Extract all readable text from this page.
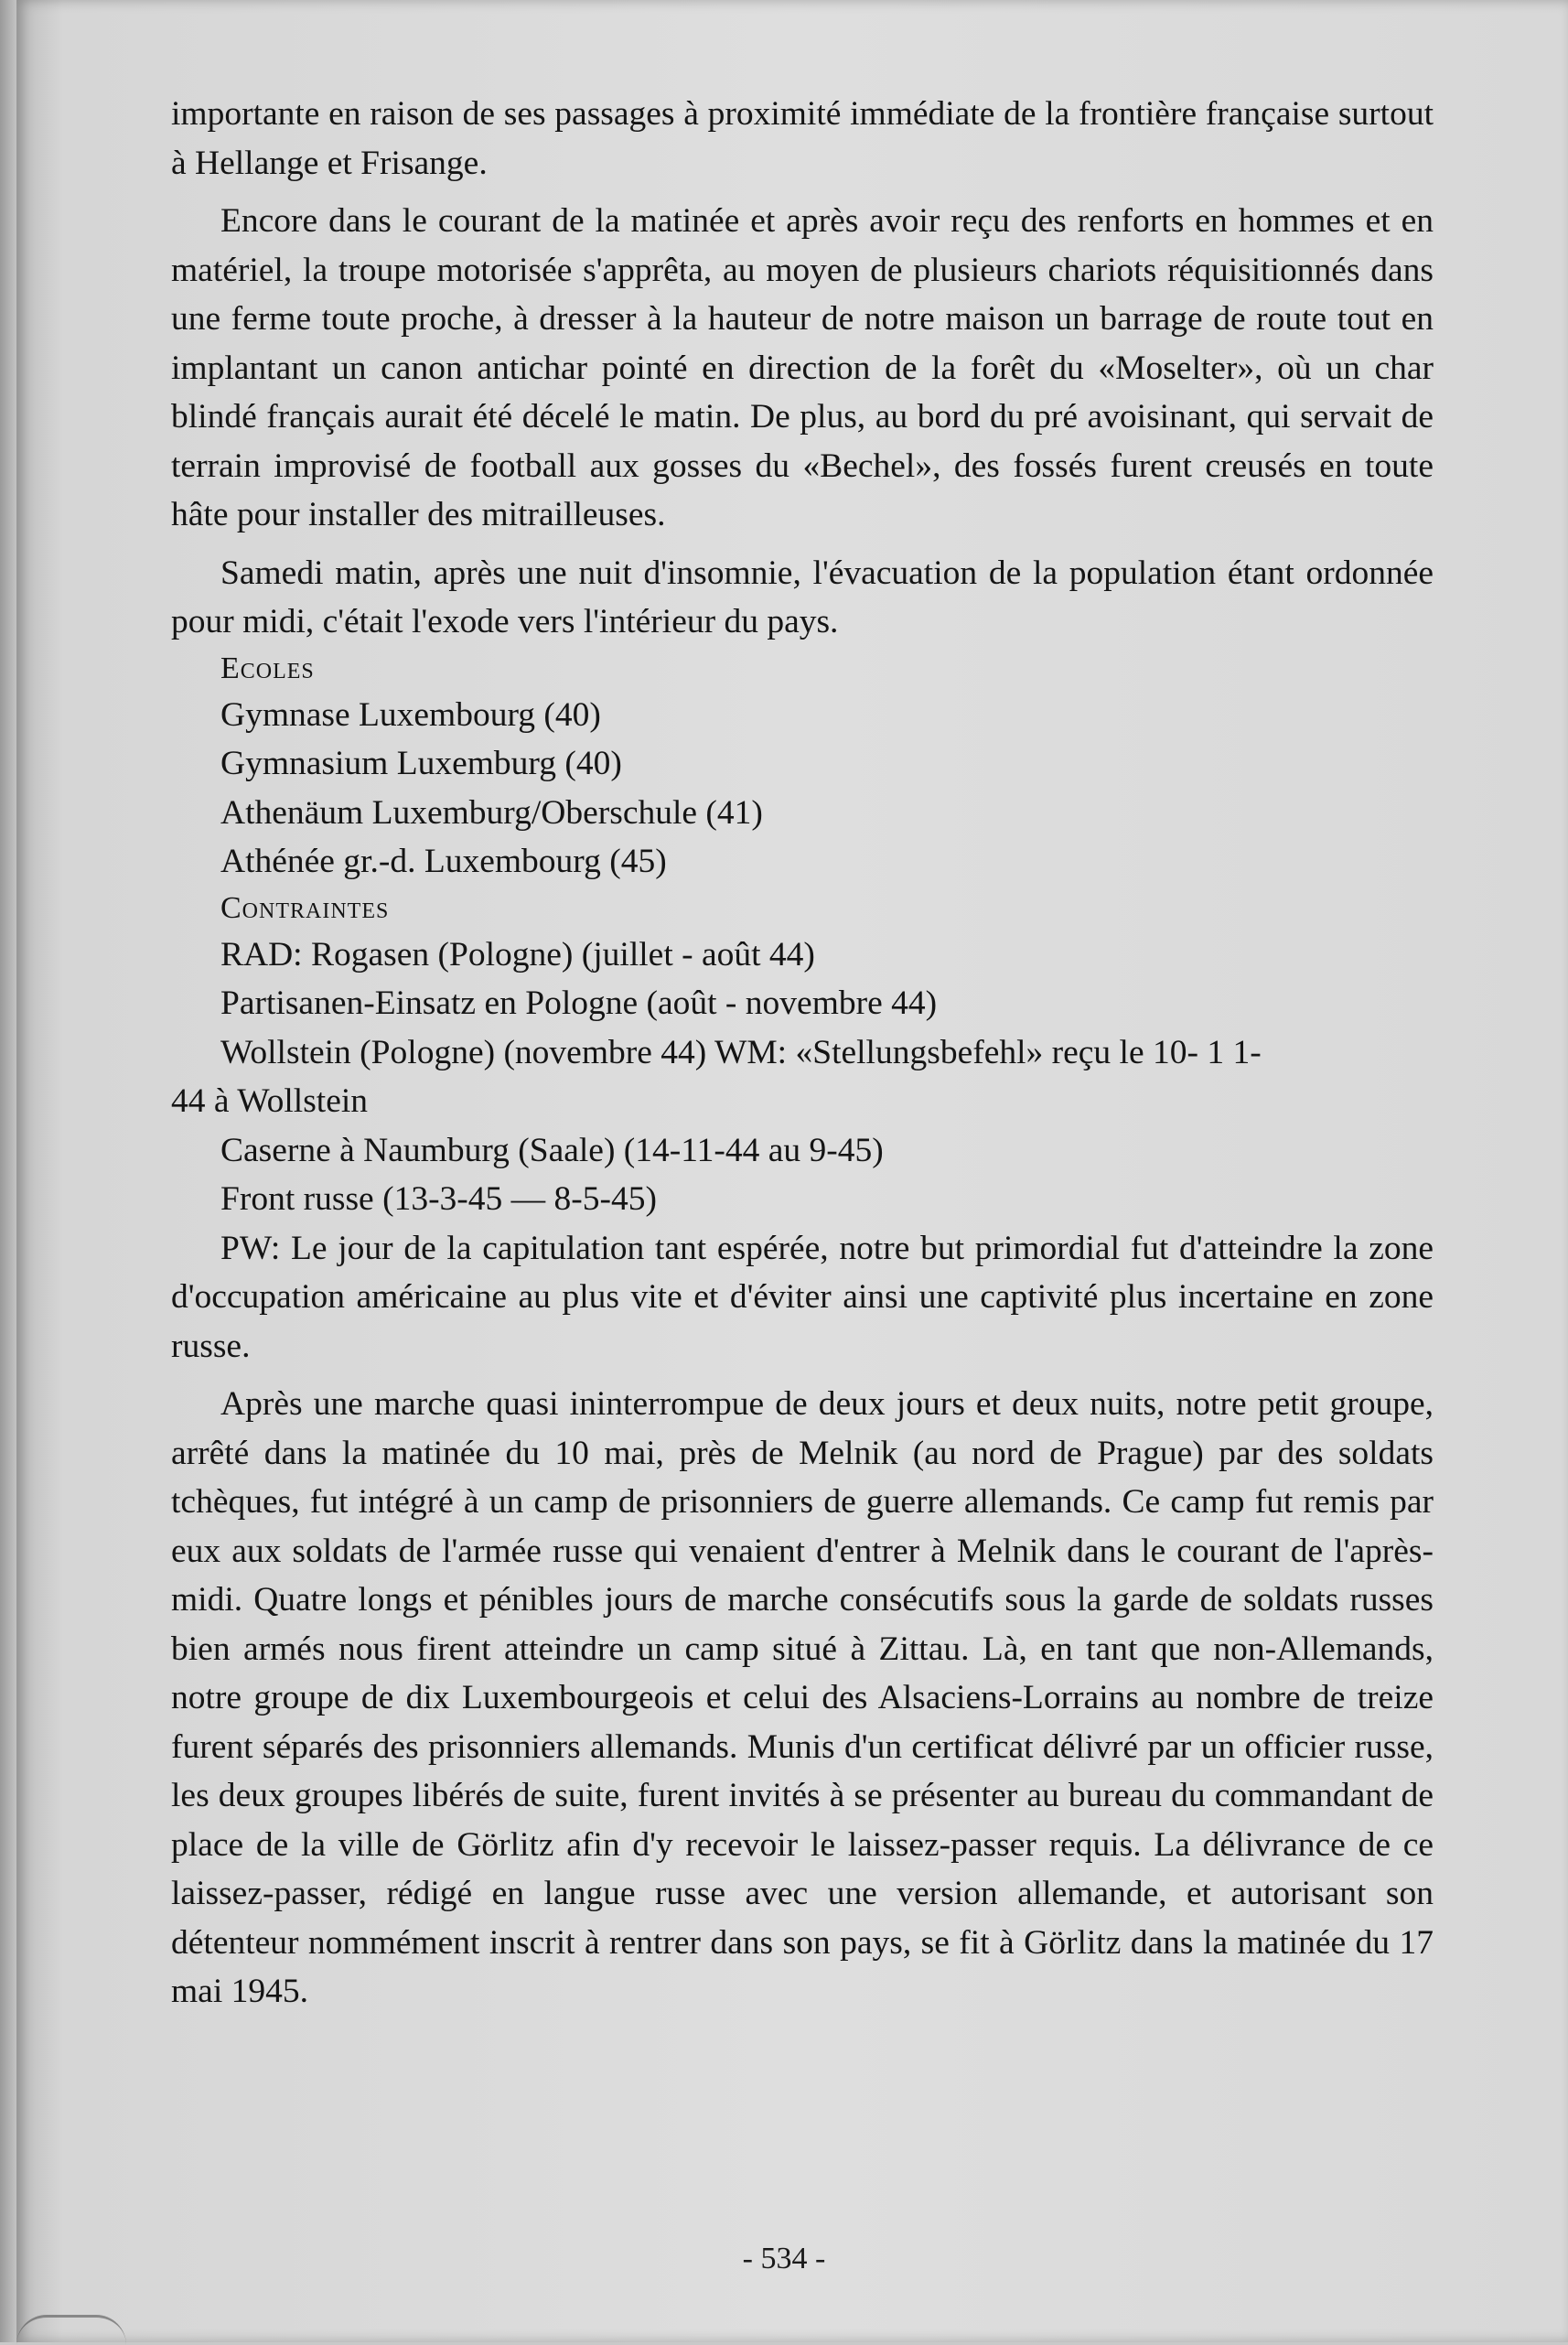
importante en raison de ses passages à proximité immédiate de la frontière française surtout à Hellange et Frisange.

Encore dans le courant de la matinée et après avoir reçu des renforts en hommes et en matériel, la troupe motorisée s'apprêta, au moyen de plusieurs chariots réquisitionnés dans une ferme toute proche, à dresser à la hauteur de notre maison un barrage de route tout en implantant un canon antichar pointé en direction de la forêt du «Moselter», où un char blindé français aurait été décelé le matin. De plus, au bord du pré avoisinant, qui servait de terrain improvisé de football aux gosses du «Bechel», des fossés furent creusés en toute hâte pour installer des mitrailleuses.

Samedi matin, après une nuit d'insomnie, l'évacuation de la population étant ordonnée pour midi, c'était l'exode vers l'intérieur du pays.

Ecoles
Gymnase Luxembourg (40)
Gymnasium Luxemburg (40)
Athenäum Luxemburg/Oberschule (41)
Athénée gr.-d. Luxembourg (45)
Contraintes
RAD: Rogasen (Pologne) (juillet - août 44)
Partisanen-Einsatz en Pologne (août - novembre 44)
Wollstein (Pologne) (novembre 44) WM: «Stellungsbefehl» reçu le 10- 1 1-
44 à Wollstein
Caserne à Naumburg (Saale) (14-11-44 au 9-45)
Front russe (13-3-45 — 8-5-45)

PW: Le jour de la capitulation tant espérée, notre but primordial fut d'atteindre la zone d'occupation américaine au plus vite et d'éviter ainsi une captivité plus incertaine en zone russe.

Après une marche quasi ininterrompue de deux jours et deux nuits, notre petit groupe, arrêté dans la matinée du 10 mai, près de Melnik (au nord de Prague) par des soldats tchèques, fut intégré à un camp de prisonniers de guerre allemands. Ce camp fut remis par eux aux soldats de l'armée russe qui venaient d'entrer à Melnik dans le courant de l'après-midi. Quatre longs et pénibles jours de marche consécutifs sous la garde de soldats russes bien armés nous firent atteindre un camp situé à Zittau. Là, en tant que non-Allemands, notre groupe de dix Luxembourgeois et celui des Alsaciens-Lorrains au nombre de treize furent séparés des prisonniers allemands. Munis d'un certificat délivré par un officier russe, les deux groupes libérés de suite, furent invités à se présenter au bureau du commandant de place de la ville de Görlitz afin d'y recevoir le laissez-passer requis. La délivrance de ce laissez-passer, rédigé en langue russe avec une version allemande, et autorisant son détenteur nommément inscrit à rentrer dans son pays, se fit à Görlitz dans la matinée du 17 mai 1945.

- 534 -
